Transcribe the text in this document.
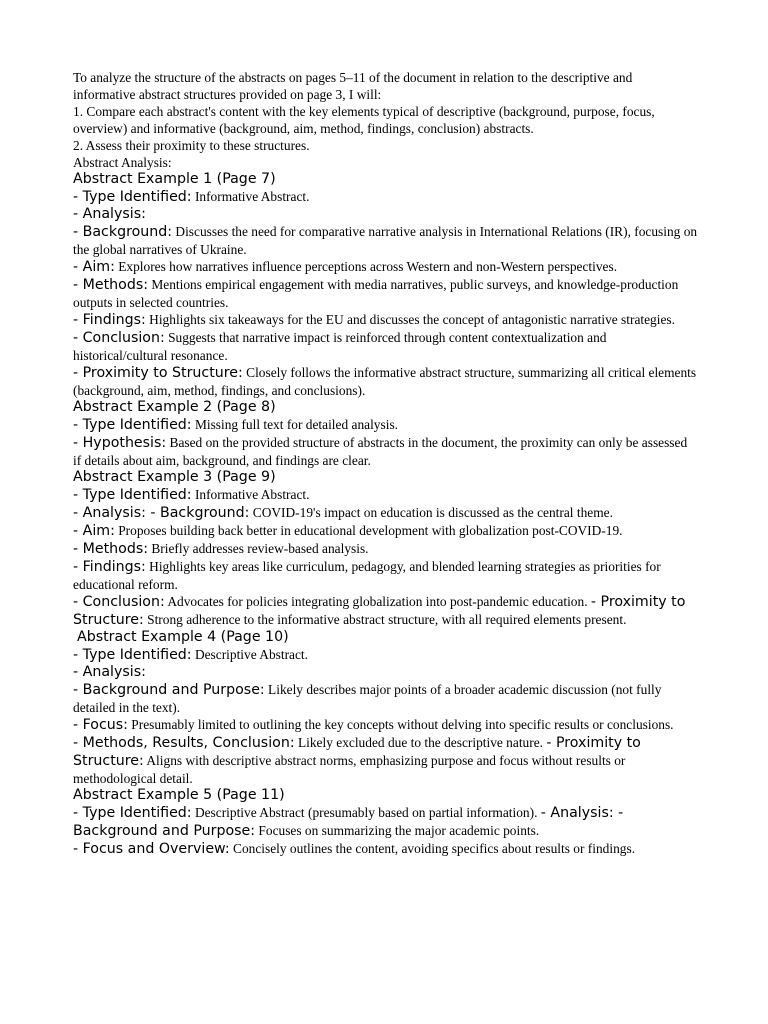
To analyze the structure of the abstracts on pages 5–11 of the document in relation to the descriptive and informative abstract structures provided on page 3, I will:

1. Compare each abstract's content with the key elements typical of descriptive (background, purpose, focus, overview) and informative (background, aim, method, findings, conclusion) abstracts.

2. Assess their proximity to these structures.

Abstract Analysis:

Abstract Example 1 (Page 7)

- Type Identified: Informative Abstract.

- Analysis:

- Background: Discusses the need for comparative narrative analysis in International Relations (IR), focusing on the global narratives of Ukraine.

- Aim: Explores how narratives influence perceptions across Western and non-Western perspectives.

- Methods: Mentions empirical engagement with media narratives, public surveys, and knowledge-production outputs in selected countries.

- Findings: Highlights six takeaways for the EU and discusses the concept of antagonistic narrative strategies.

- Conclusion: Suggests that narrative impact is reinforced through content contextualization and historical/cultural resonance.

- Proximity to Structure: Closely follows the informative abstract structure, summarizing all critical elements (background, aim, method, findings, and conclusions).

Abstract Example 2 (Page 8)

- Type Identified: Missing full text for detailed analysis.

- Hypothesis: Based on the provided structure of abstracts in the document, the proximity can only be assessed if details about aim, background, and findings are clear.

Abstract Example 3 (Page 9)

- Type Identified: Informative Abstract.

- Analysis: - Background: COVID-19's impact on education is discussed as the central theme.

- Aim: Proposes building back better in educational development with globalization post-COVID-19.

- Methods: Briefly addresses review-based analysis.

- Findings: Highlights key areas like curriculum, pedagogy, and blended learning strategies as priorities for educational reform.

- Conclusion: Advocates for policies integrating globalization into post-pandemic education. - Proximity to Structure: Strong adherence to the informative abstract structure, with all required elements present.

Abstract Example 4 (Page 10)

- Type Identified: Descriptive Abstract.

- Analysis:

- Background and Purpose: Likely describes major points of a broader academic discussion (not fully detailed in the text).

- Focus: Presumably limited to outlining the key concepts without delving into specific results or conclusions.

- Methods, Results, Conclusion: Likely excluded due to the descriptive nature. - Proximity to Structure: Aligns with descriptive abstract norms, emphasizing purpose and focus without results or methodological detail.

Abstract Example 5 (Page 11)

- Type Identified: Descriptive Abstract (presumably based on partial information). - Analysis: - Background and Purpose: Focuses on summarizing the major academic points.

- Focus and Overview: Concisely outlines the content, avoiding specifics about results or findings.
